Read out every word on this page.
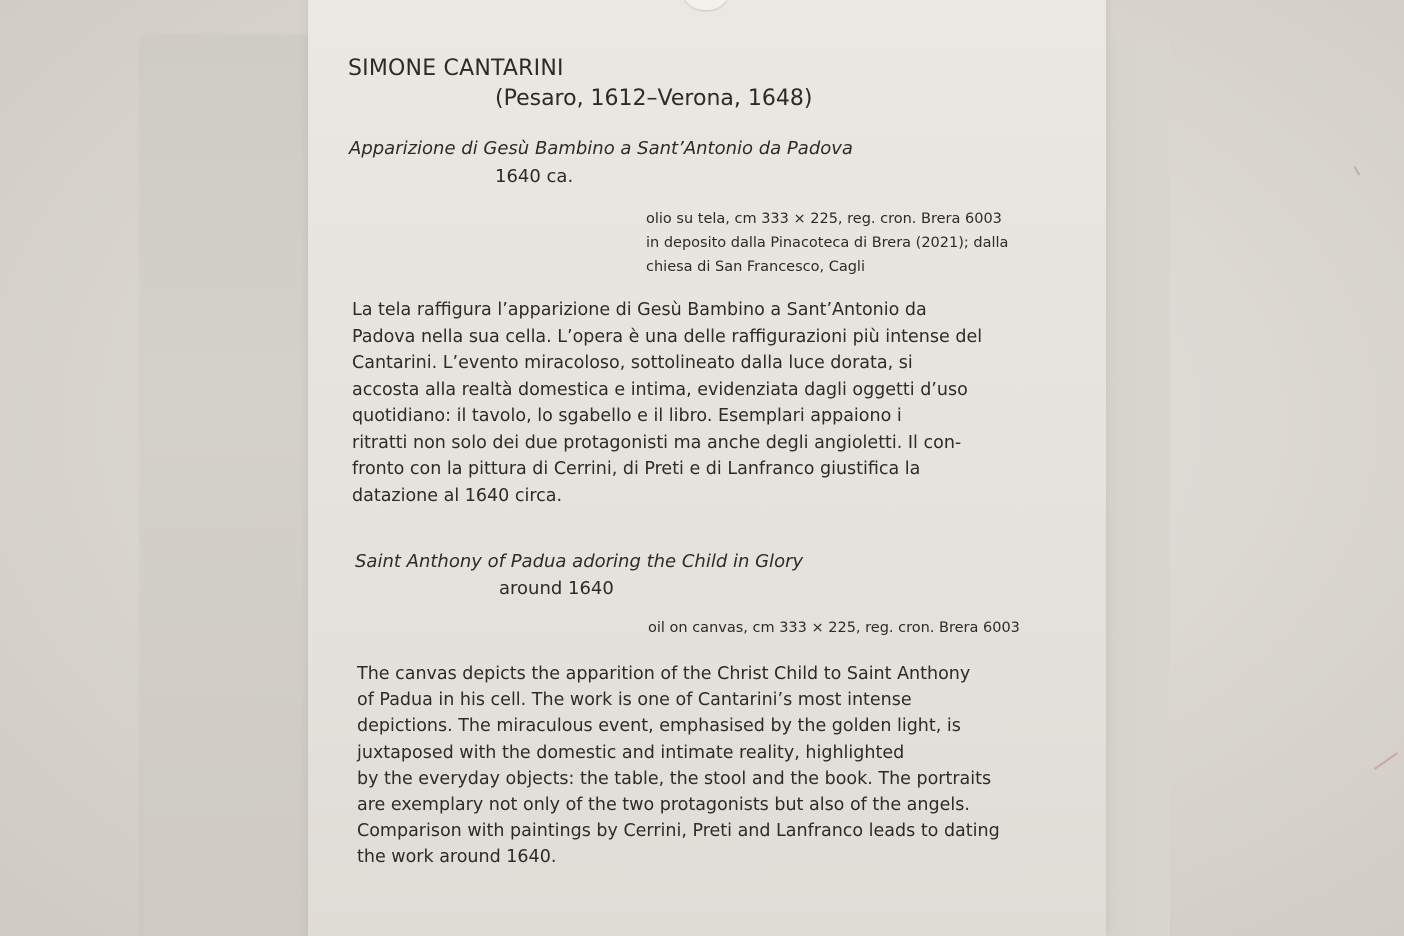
SIMONE CANTARINI
(Pesaro, 1612–Verona, 1648)
Apparizione di Gesù Bambino a Sant’Antonio da Padova
1640 ca.
olio su tela, cm 333 × 225, reg. cron. Brera 6003
in deposito dalla Pinacoteca di Brera (2021); dalla
chiesa di San Francesco, Cagli
La tela raffigura l’apparizione di Gesù Bambino a Sant’Antonio da
Padova nella sua cella. L’opera è una delle raffigurazioni più intense del
Cantarini. L’evento miracoloso, sottolineato dalla luce dorata, si
accosta alla realtà domestica e intima, evidenziata dagli oggetti d’uso
quotidiano: il tavolo, lo sgabello e il libro. Esemplari appaiono i
ritratti non solo dei due protagonisti ma anche degli angioletti. Il con-
fronto con la pittura di Cerrini, di Preti e di Lanfranco giustifica la
datazione al 1640 circa.
Saint Anthony of Padua adoring the Child in Glory
around 1640
oil on canvas, cm 333 × 225, reg. cron. Brera 6003
The canvas depicts the apparition of the Christ Child to Saint Anthony
of Padua in his cell. The work is one of Cantarini’s most intense
depictions. The miraculous event, emphasised by the golden light, is
juxtaposed with the domestic and intimate reality, highlighted
by the everyday objects: the table, the stool and the book. The portraits
are exemplary not only of the two protagonists but also of the angels.
Comparison with paintings by Cerrini, Preti and Lanfranco leads to dating
the work around 1640.
